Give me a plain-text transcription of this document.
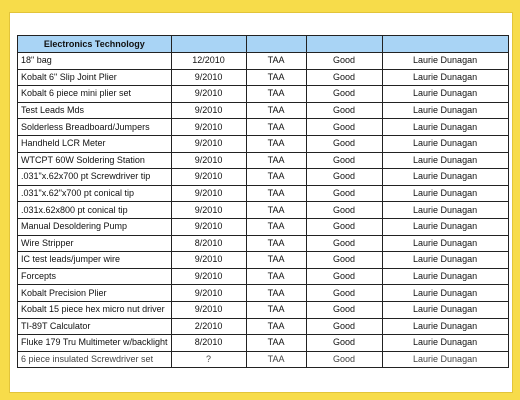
Electronics Technology				
18" bag	12/2010	TAA	Good	Laurie Dunagan
Kobalt 6" Slip Joint Plier	9/2010	TAA	Good	Laurie Dunagan
Kobalt 6 piece mini plier set	9/2010	TAA	Good	Laurie Dunagan
Test Leads Mds	9/2010	TAA	Good	Laurie Dunagan
Solderless Breadboard/Jumpers	9/2010	TAA	Good	Laurie Dunagan
Handheld LCR Meter	9/2010	TAA	Good	Laurie Dunagan
WTCPT 60W Soldering Station	9/2010	TAA	Good	Laurie Dunagan
.031"x.62x700 pt Screwdriver tip	9/2010	TAA	Good	Laurie Dunagan
.031"x.62"x700 pt conical tip	9/2010	TAA	Good	Laurie Dunagan
.031x.62x800 pt conical tip	9/2010	TAA	Good	Laurie Dunagan
Manual Desoldering Pump	9/2010	TAA	Good	Laurie Dunagan
Wire Stripper	8/2010	TAA	Good	Laurie Dunagan
IC test leads/jumper wire	9/2010	TAA	Good	Laurie Dunagan
Forcepts	9/2010	TAA	Good	Laurie Dunagan
Kobalt Precision Plier	9/2010	TAA	Good	Laurie Dunagan
Kobalt 15 piece hex micro nut driver	9/2010	TAA	Good	Laurie Dunagan
TI-89T Calculator	2/2010	TAA	Good	Laurie Dunagan
Fluke 179 Tru Multimeter w/backlight	8/2010	TAA	Good	Laurie Dunagan
6 piece insulated Screwdriver set	?	TAA	Good	Laurie Dunagan
